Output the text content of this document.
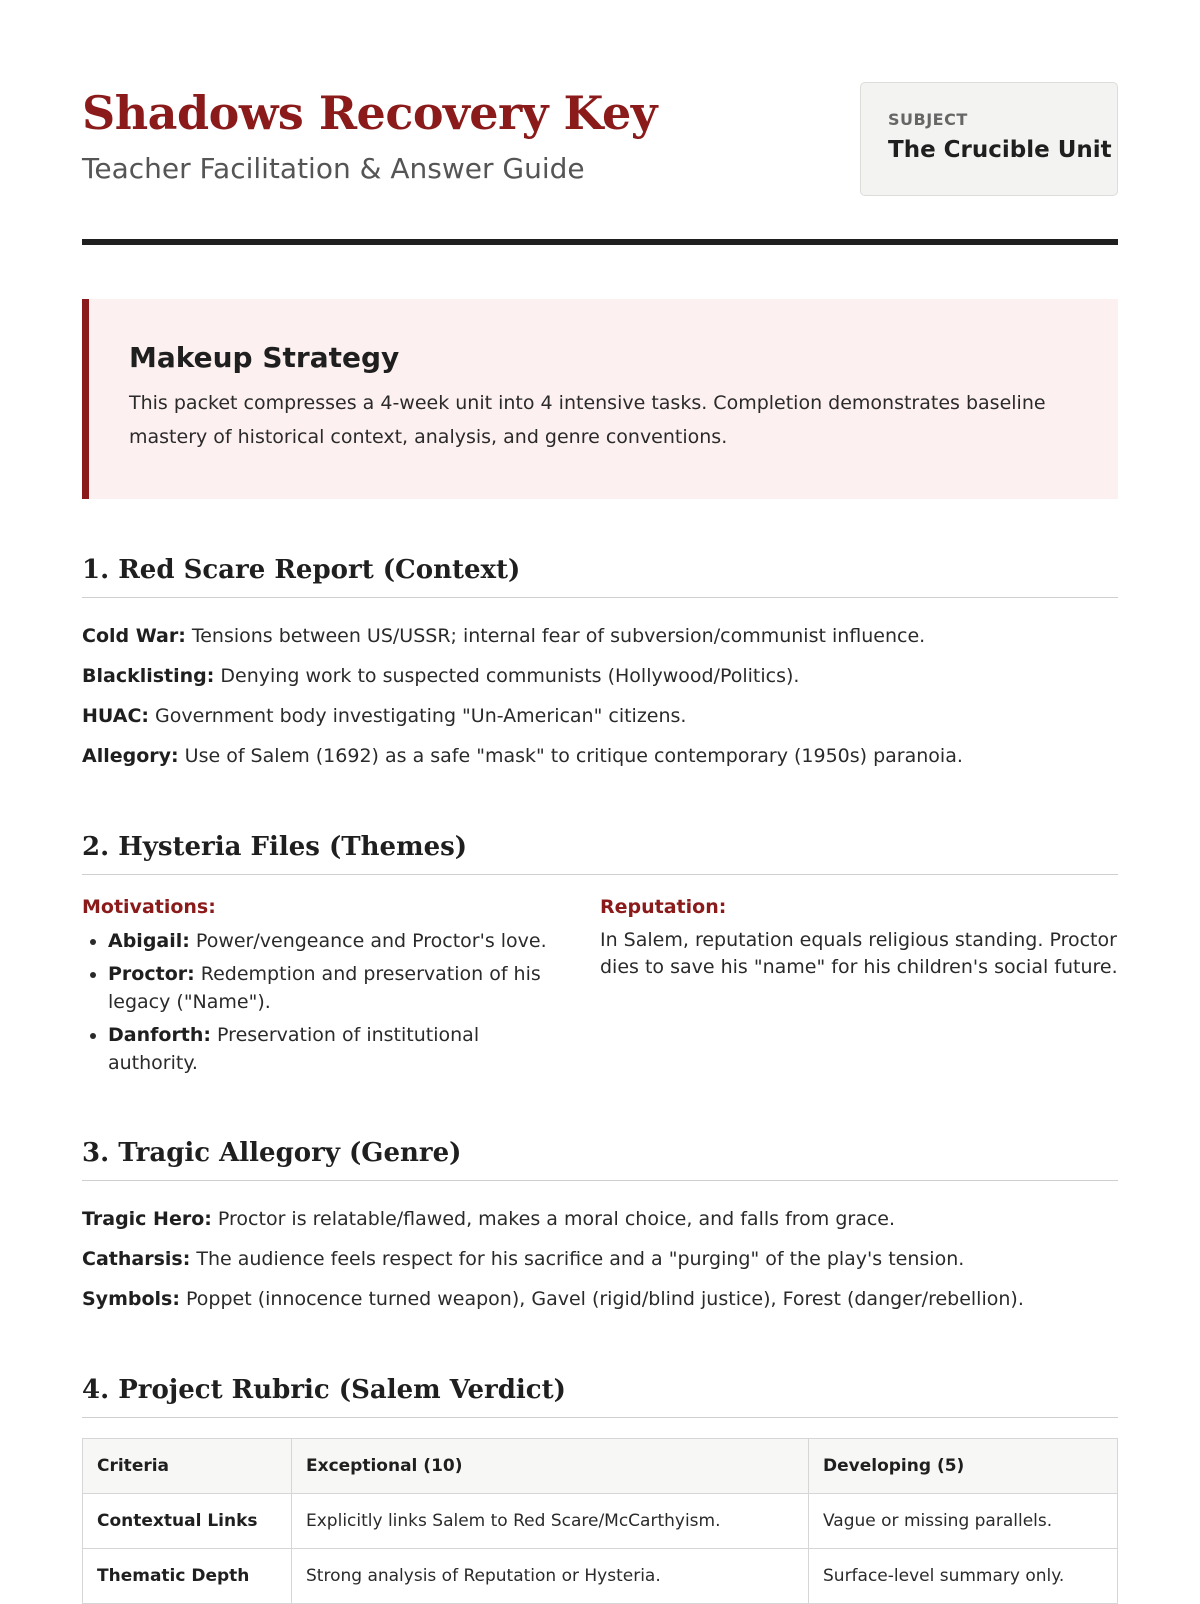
Shadows Recovery Key
Teacher Facilitation & Answer Guide
SUBJECT
The Crucible Unit
Makeup Strategy

This packet compresses a 4-week unit into 4 intensive tasks. Completion demonstrates baseline mastery of historical context, analysis, and genre conventions.

1. Red Scare Report (Context)
Cold War: Tensions between US/USSR; internal fear of subversion/communist influence.
Blacklisting: Denying work to suspected communists (Hollywood/Politics).
HUAC: Government body investigating "Un-American" citizens.
Allegory: Use of Salem (1692) as a safe "mask" to critique contemporary (1950s) paranoia.
2. Hysteria Files (Themes)
Motivations:
• Abigail: Power/vengeance and Proctor's love.
• Proctor: Redemption and preservation of his legacy ("Name").
• Danforth: Preservation of institutional authority.
Reputation:

In Salem, reputation equals religious standing. Proctor dies to save his "name" for his children's social future.

3. Tragic Allegory (Genre)
Tragic Hero: Proctor is relatable/flawed, makes a moral choice, and falls from grace.
Catharsis: The audience feels respect for his sacrifice and a "purging" of the play's tension.
Symbols: Poppet (innocence turned weapon), Gavel (rigid/blind justice), Forest (danger/rebellion).
4. Project Rubric (Salem Verdict)
Criteria	Exceptional (10)	Developing (5)
Contextual Links	Explicitly links Salem to Red Scare/McCarthyism.	Vague or missing parallels.
Thematic Depth	Strong analysis of Reputation or Hysteria.	Surface-level summary only.
